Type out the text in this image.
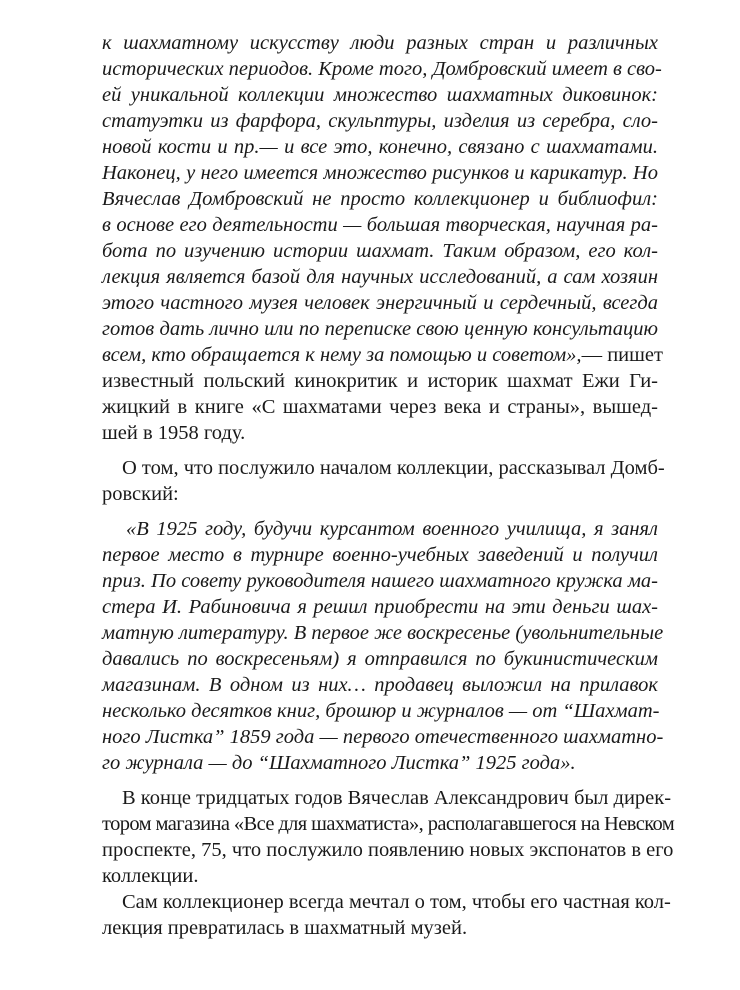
к шахматному искусству люди разных стран и различных
исторических периодов. Кроме того, Домбровский имеет в сво-
ей уникальной коллекции множество шахматных диковинок:
статуэтки из фарфора, скульптуры, изделия из серебра, сло-
новой кости и пр.— и все это, конечно, связано с шахматами.
Наконец, у него имеется множество рисунков и карикатур. Но
Вячеслав Домбровский не просто коллекционер и библиофил:
в основе его деятельности — большая творческая, научная ра-
бота по изучению истории шахмат. Таким образом, его кол-
лекция является базой для научных исследований, а сам хозяин
этого частного музея человек энергичный и сердечный, всегда
готов дать лично или по переписке свою ценную консультацию
всем, кто обращается к нему за помощью и советом», — пишет
известный польский кинокритик и историк шахмат Ежи Ги-
жицкий в книге «С шахматами через века и страны», вышед-
шей в 1958 году.
О том, что послужило началом коллекции, рассказывал Домб-
ровский:
«В 1925 году, будучи курсантом военного училища, я занял
первое место в турнире военно-учебных заведений и получил
приз. По совету руководителя нашего шахматного кружка ма-
стера И. Рабиновича я решил приобрести на эти деньги шах-
матную литературу. В первое же воскресенье (увольнительные
давались по воскресеньям) я отправился по букинистическим
магазинам. В одном из них… продавец выложил на прилавок
несколько десятков книг, брошюр и журналов — от “Шахмат-
ного Листка” 1859 года — первого отечественного шахматно-
го журнала — до “Шахматного Листка” 1925 года».
В конце тридцатых годов Вячеслав Александрович был дирек-
тором магазина «Все для шахматиста», располагавшегося на Невском
проспекте, 75, что послужило появлению новых экспонатов в его
коллекции.
Сам коллекционер всегда мечтал о том, чтобы его частная кол-
лекция превратилась в шахматный музей.
